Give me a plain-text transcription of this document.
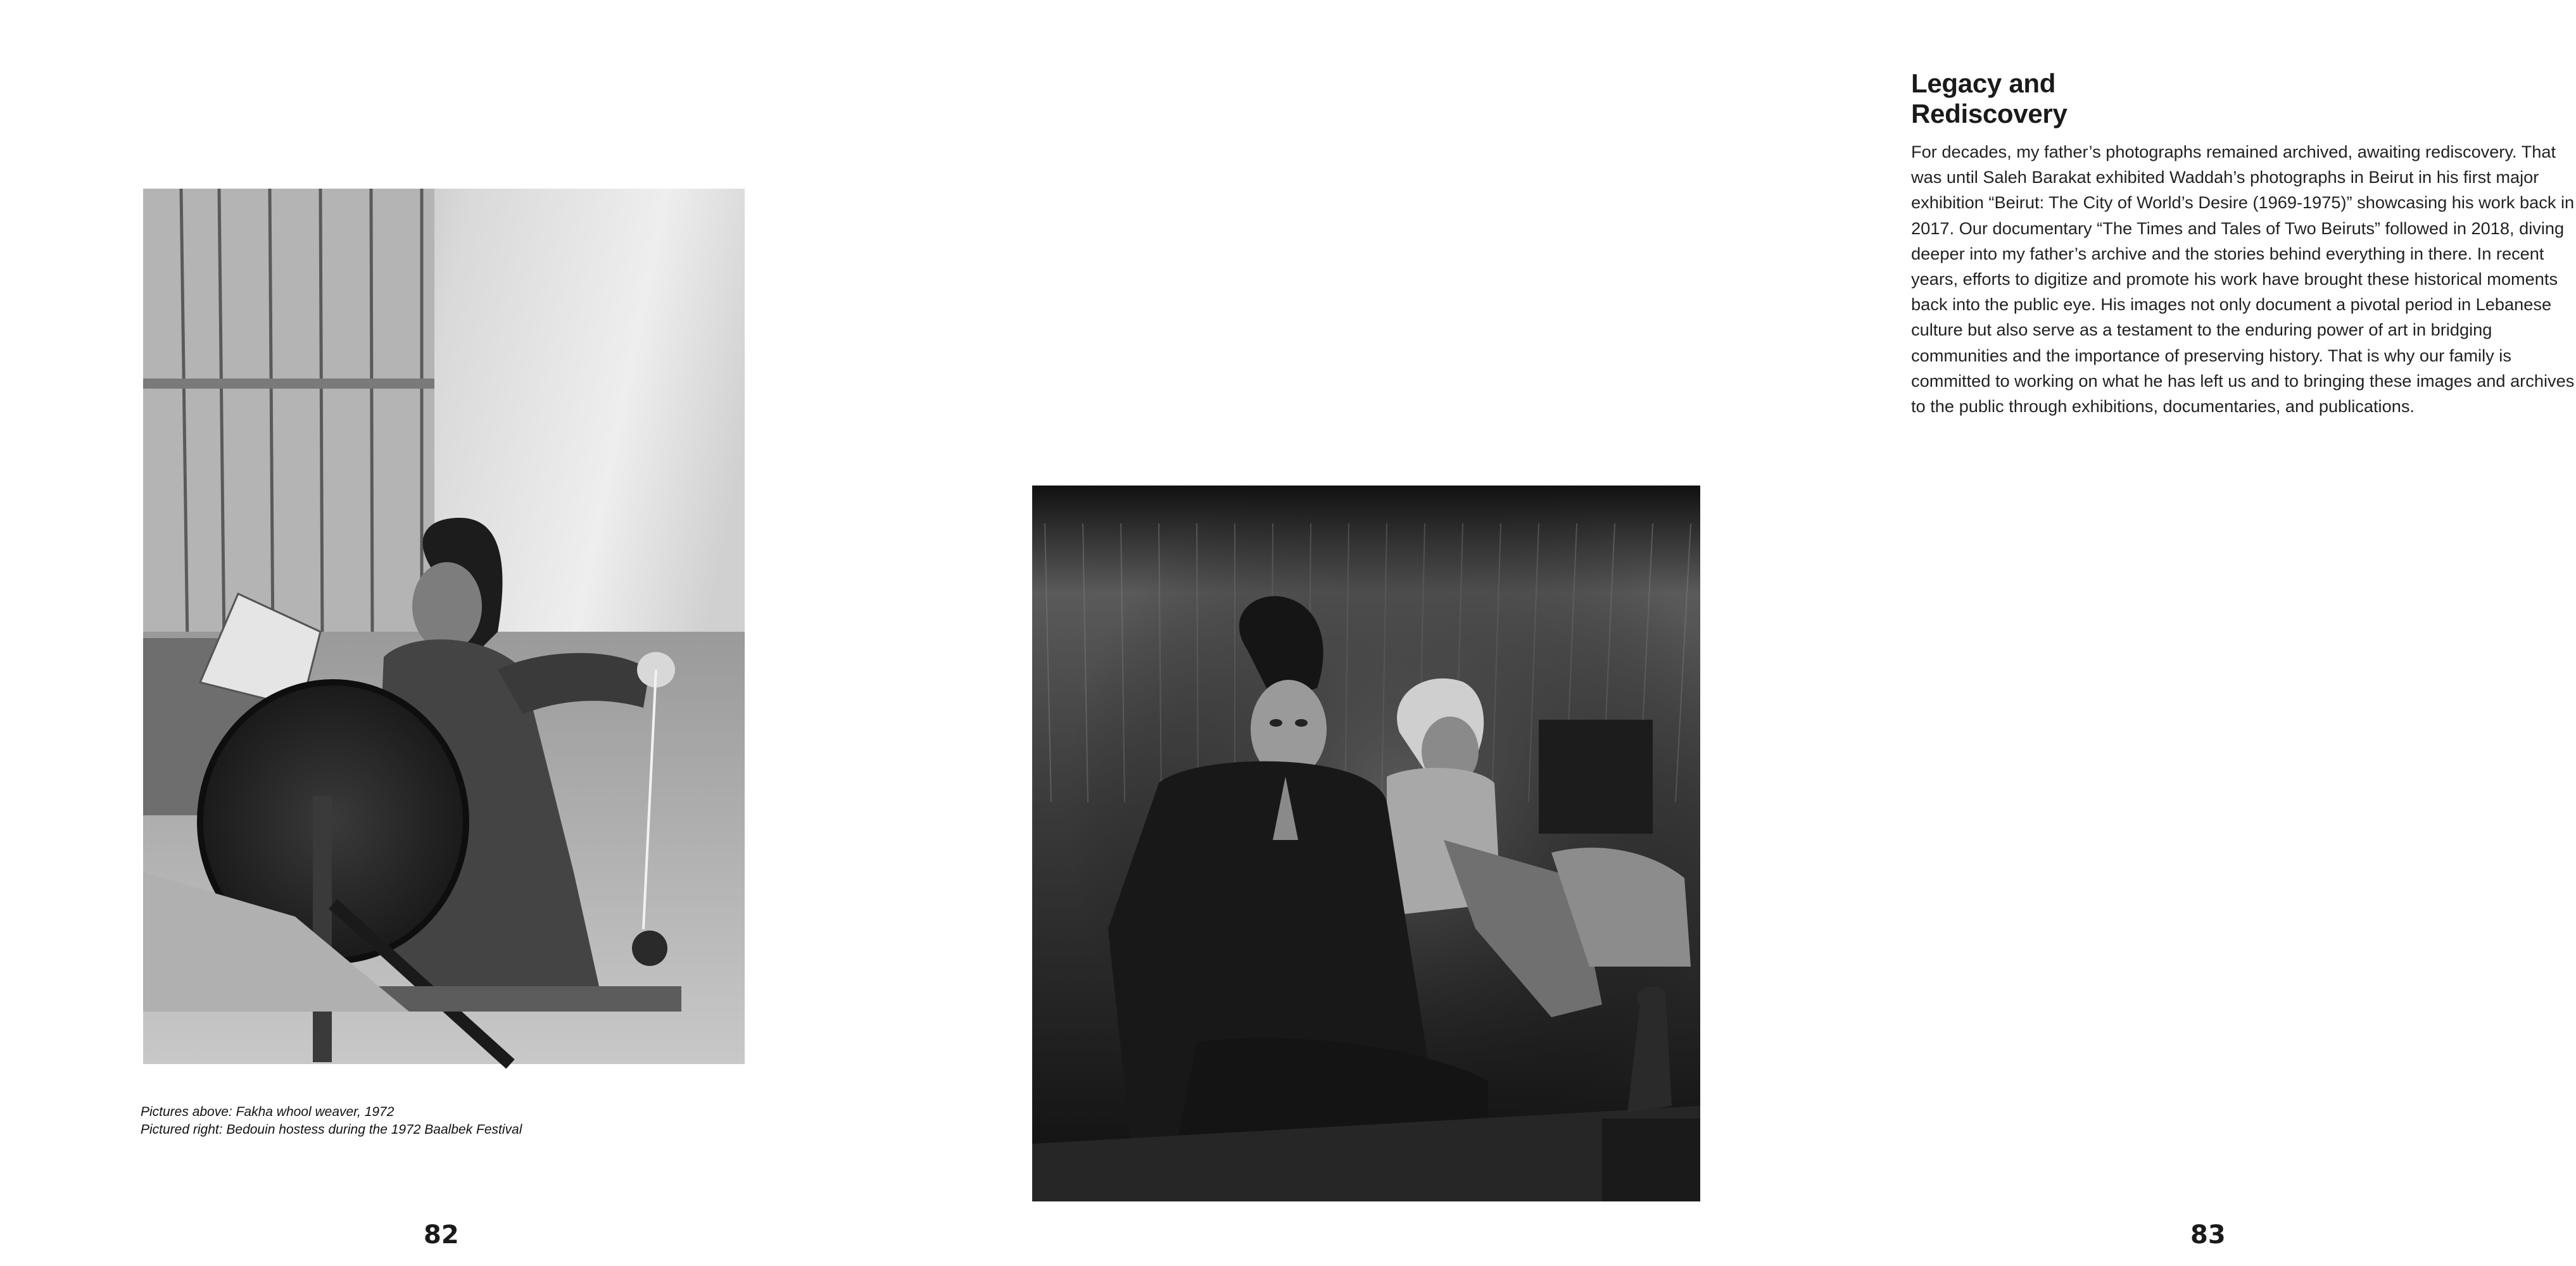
Pictures above: Fakha whool weaver, 1972
Pictured right: Bedouin hostess during the 1972 Baalbek Festival
82
Legacy and Rediscovery

For decades, my father’s photographs remained archived, awaiting rediscovery. That was until Saleh Barakat exhibited Waddah’s photographs in Beirut in his first major exhibition “Beirut: The City of World’s Desire (1969-1975)” showcasing his work back in 2017. Our documentary “The Times and Tales of Two Beiruts” followed in 2018, diving deeper into my father’s archive and the stories behind everything in there. In recent years, efforts to digitize and promote his work have brought these historical moments back into the public eye. His images not only document a pivotal period in Lebanese culture but also serve as a testament to the enduring power of art in bridging communities and the importance of preserving history. That is why our family is committed to working on what he has left us and to bringing these images and archives to the public through exhibitions, documentaries, and publications.

83
